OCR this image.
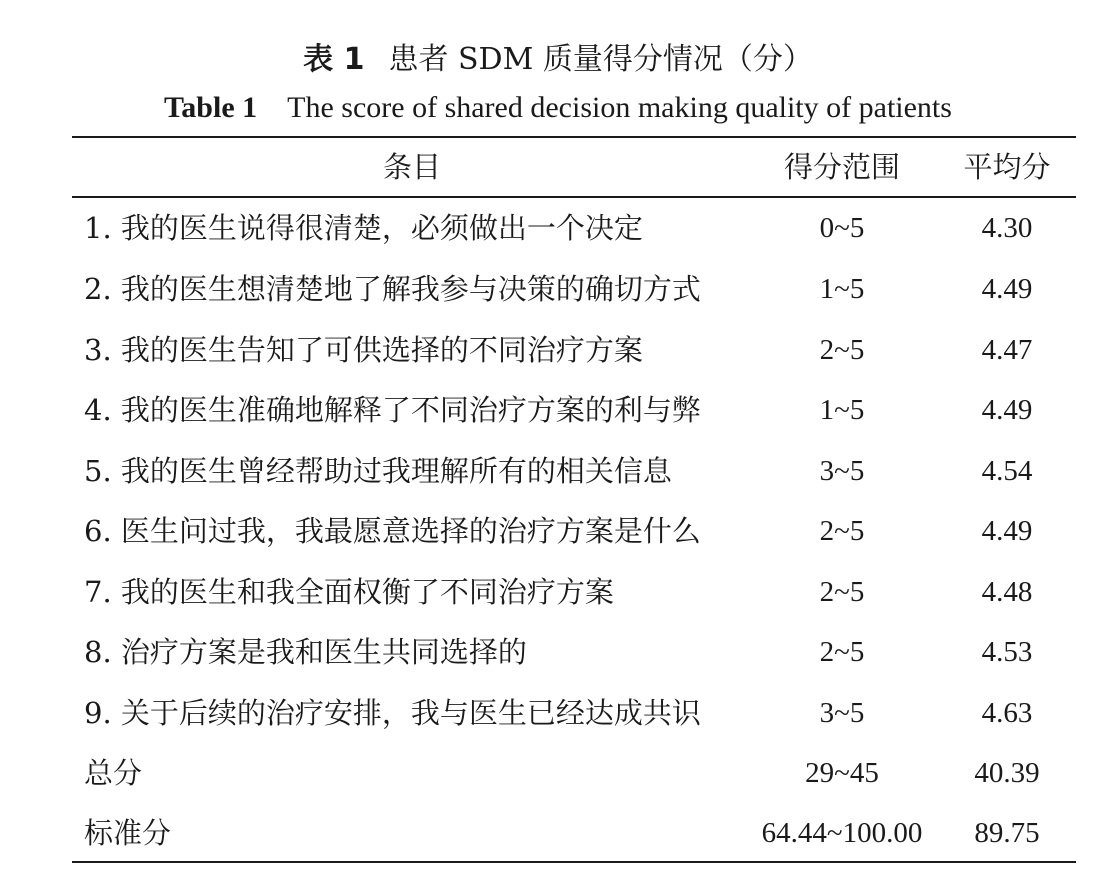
表 1 患者 SDM 质量得分情况（分）
Table 1 The score of shared decision making quality of patients
条目	得分范围	平均分
1. 我的医生说得很清楚，必须做出一个决定	0~5	4.30
2. 我的医生想清楚地了解我参与决策的确切方式	1~5	4.49
3. 我的医生告知了可供选择的不同治疗方案	2~5	4.47
4. 我的医生准确地解释了不同治疗方案的利与弊	1~5	4.49
5. 我的医生曾经帮助过我理解所有的相关信息	3~5	4.54
6. 医生问过我，我最愿意选择的治疗方案是什么	2~5	4.49
7. 我的医生和我全面权衡了不同治疗方案	2~5	4.48
8. 治疗方案是我和医生共同选择的	2~5	4.53
9. 关于后续的治疗安排，我与医生已经达成共识	3~5	4.63
总分	29~45	40.39
标准分	64.44~100.00	89.75
